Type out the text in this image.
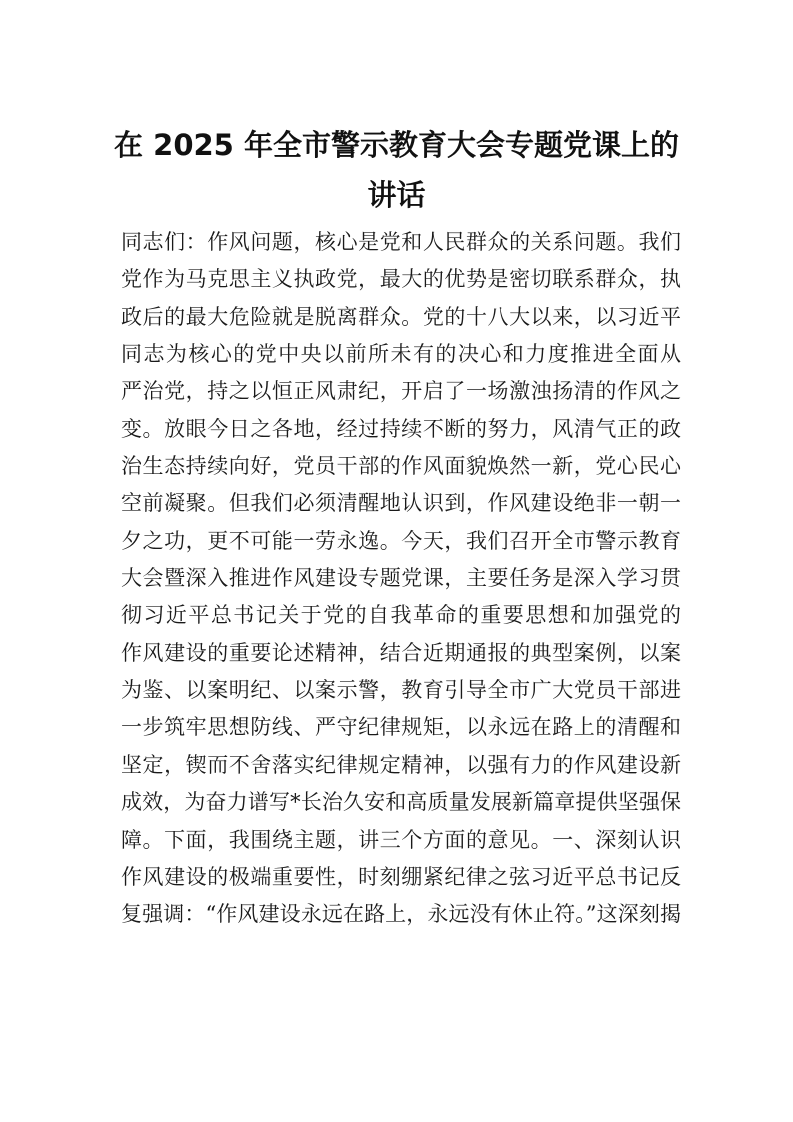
在 2025 年全市警示教育大会专题党课上的
讲话
同志们：作风问题，核心是党和人民群众的关系问题。我们
党作为马克思主义执政党，最大的优势是密切联系群众，执
政后的最大危险就是脱离群众。党的十八大以来，以习近平
同志为核心的党中央以前所未有的决心和力度推进全面从
严治党，持之以恒正风肃纪，开启了一场激浊扬清的作风之
变。放眼今日之各地，经过持续不断的努力，风清气正的政
治生态持续向好，党员干部的作风面貌焕然一新，党心民心
空前凝聚。但我们必须清醒地认识到，作风建设绝非一朝一
夕之功，更不可能一劳永逸。今天，我们召开全市警示教育
大会暨深入推进作风建设专题党课，主要任务是深入学习贯
彻习近平总书记关于党的自我革命的重要思想和加强党的
作风建设的重要论述精神，结合近期通报的典型案例，以案
为鉴、以案明纪、以案示警，教育引导全市广大党员干部进
一步筑牢思想防线、严守纪律规矩，以永远在路上的清醒和
坚定，锲而不舍落实纪律规定精神，以强有力的作风建设新
成效，为奋力谱写*长治久安和高质量发展新篇章提供坚强保
障。下面，我围绕主题，讲三个方面的意见。一、深刻认识
作风建设的极端重要性，时刻绷紧纪律之弦习近平总书记反
复强调：“作风建设永远在路上，永远没有休止符。”这深刻揭
